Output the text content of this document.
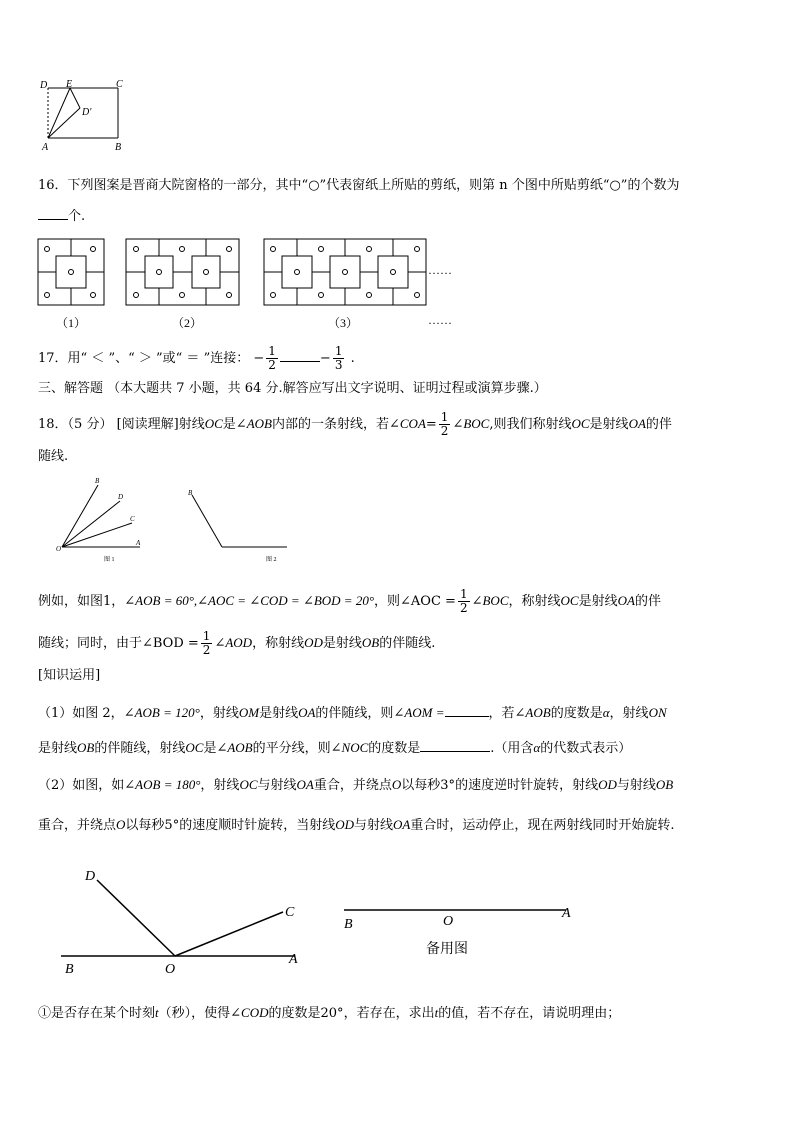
D E	C
D′
A	B
16．下列图案是晋商大院窗格的一部分，其中“○”代表窗纸上所贴的剪纸，则第 n 个图中所贴剪纸“○”的个数为
个.
（1）	（2）	（3）
……
……
17．用“ ＜ ”、“ ＞ ”或“ ＝ ”连接： − $\frac{1}{2}$	− $\frac{1}{3}$ .
三、解答题 （本大题共 7 小题，共 64 分.解答应写出文字说明、证明过程或演算步骤.）
18．（5 分） [阅读理解]射线OC是∠AOB内部的一条射线，若∠COA= $\frac{1}{2}$ ∠BOC,则我们称射线OC是射线OA的伴
随线.
B
D
C
O
A
图 1
B
图 2
例如，如图1，∠AOB = 60°,∠AOC = ∠COD = ∠BOD = 20°，则∠AOC = $\frac{1}{2}$ ∠BOC，称射线OC是射线OA的伴
随线；同时，由于∠BOD = $\frac{1}{2}$ ∠AOD，称射线OD是射线OB的伴随线.
[知识运用]
（1）如图 2，∠AOB = 120°，射线OM是射线OA的伴随线，则∠AOM =	，若∠AOB的度数是α，射线ON
是射线OB的伴随线，射线OC是∠AOB的平分线，则∠NOC的度数是	.（用含α的代数式表示）
（2）如图，如∠AOB = 180°，射线OC与射线OA重合，并绕点O以每秒3°的速度逆时针旋转，射线OD与射线OB
重合，并绕点O以每秒5°的速度顺时针旋转，当射线OD与射线OA重合时，运动停止，现在两射线同时开始旋转.
D
C
B	O
A
B	O
A
备用图
①是否存在某个时刻t（秒），使得∠COD的度数是20°，若存在，求出t的值，若不存在，请说明理由；
